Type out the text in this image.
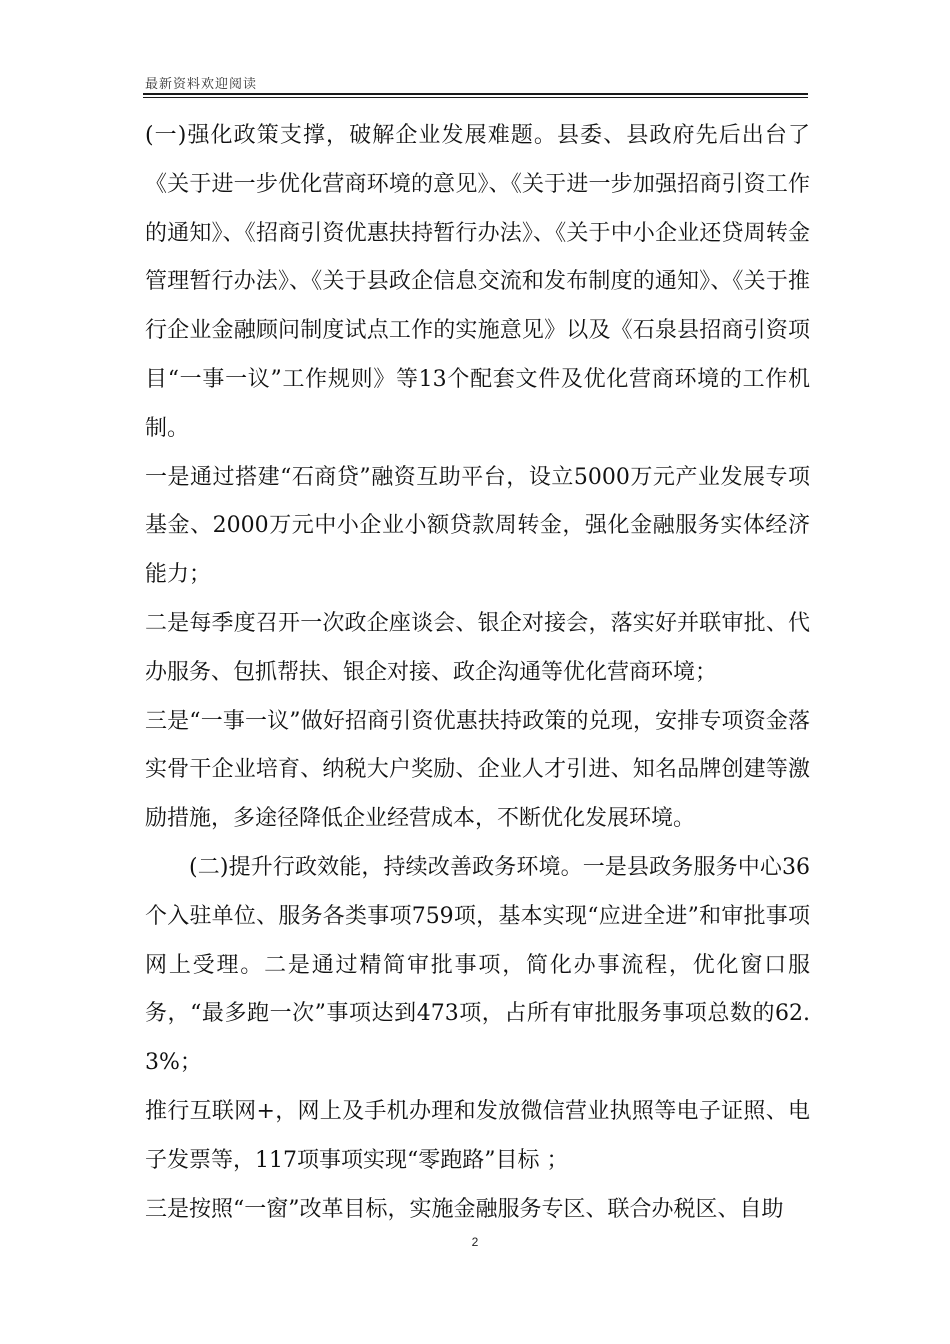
最新资料欢迎阅读

(一)强化政策支撑，破解企业发展难题。县委、县政府先后出台了《关于进一步优化营商环境的意见》、《关于进一步加强招商引资工作的通知》、《招商引资优惠扶持暂行办法》、《关于中小企业还贷周转金管理暂行办法》、《关于县政企信息交流和发布制度的通知》、《关于推行企业金融顾问制度试点工作的实施意见》以及《石泉县招商引资项目“一事一议”工作规则》等13个配套文件及优化营商环境的工作机制。

一是通过搭建“石商贷”融资互助平台，设立5000万元产业发展专项基金、2000万元中小企业小额贷款周转金，强化金融服务实体经济能力；

二是每季度召开一次政企座谈会、银企对接会，落实好并联审批、代办服务、包抓帮扶、银企对接、政企沟通等优化营商环境；

三是“一事一议”做好招商引资优惠扶持政策的兑现，安排专项资金落实骨干企业培育、纳税大户奖励、企业人才引进、知名品牌创建等激励措施，多途径降低企业经营成本，不断优化发展环境。

(二)提升行政效能，持续改善政务环境。一是县政务服务中心36个入驻单位、服务各类事项759项，基本实现“应进全进”和审批事项网上受理。二是通过精简审批事项，简化办事流程，优化窗口服务，“最多跑一次”事项达到473项，占所有审批服务事项总数的62.3%；

推行互联网+，网上及手机办理和发放微信营业执照等电子证照、电子发票等，117项事项实现“零跑路”目标 ；

三是按照“一窗”改革目标，实施金融服务专区、联合办税区、自助

2
